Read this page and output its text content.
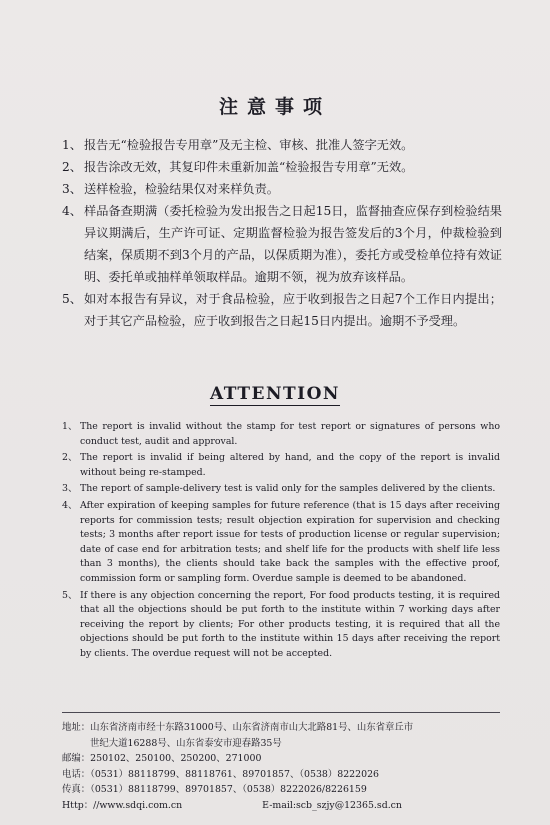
注意事项
1、 报告无“检验报告专用章”及无主检、审核、批准人签字无效。
2、 报告涂改无效，其复印件未重新加盖“检验报告专用章”无效。
3、 送样检验，检验结果仅对来样负责。
4、 样品备查期满（委托检验为发出报告之日起15日，监督抽查应保存到检验结果异议期满后，生产许可证、定期监督检验为报告签发后的3个月，仲裁检验到结案，保质期不到3个月的产品，以保质期为准），委托方或受检单位持有效证明、委托单或抽样单领取样品。逾期不领，视为放弃该样品。
5、 如对本报告有异议，对于食品检验，应于收到报告之日起7个工作日内提出；对于其它产品检验，应于收到报告之日起15日内提出。逾期不予受理。
ATTENTION
1、 The report is invalid without the stamp for test report or signatures of persons who conduct test, audit and approval.
2、 The report is invalid if being altered by hand, and the copy of the report is invalid without being re-stamped.
3、 The report of sample-delivery test is valid only for the samples delivered by the clients.
4、 After expiration of keeping samples for future reference (that is 15 days after receiving reports for commission tests; result objection expiration for supervision and checking tests; 3 months after report issue for tests of production license or regular supervision; date of case end for arbitration tests; and shelf life for the products with shelf life less than 3 months), the clients should take back the samples with the effective proof, commission form or sampling form. Overdue sample is deemed to be abandoned.
5、 If there is any objection concerning the report, For food products testing, it is required that all the objections should be put forth to the institute within 7 working days after receiving the report by clients; For other products testing, it is required that all the objections should be put forth to the institute within 15 days after receiving the report by clients. The overdue request will not be accepted.
地址：山东省济南市经十东路31000号、山东省济南市山大北路81号、山东省章丘市
世纪大道16288号、山东省泰安市迎春路35号
邮编：250102、250100、250200、271000
电话：（0531）88118799、88118761、89701857、（0538）8222026
传真：（0531）88118799、89701857、（0538）8222026/8226159
Http：//www.sdqi.com.cn	E-mail:scb_szjy@12365.sd.cn
